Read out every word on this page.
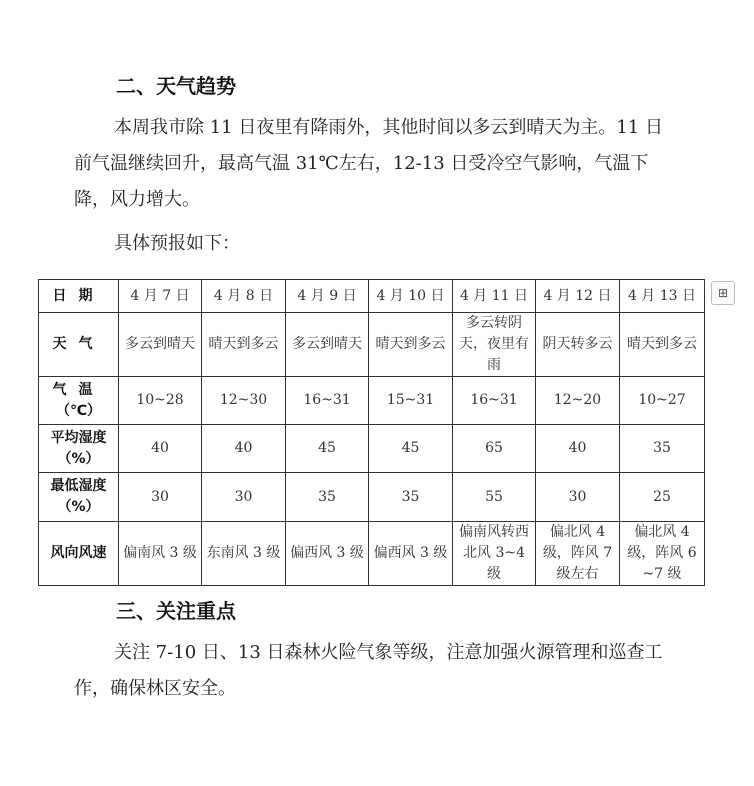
二、天气趋势
本周我市除 11 日夜里有降雨外，其他时间以多云到晴天为主。11 日前气温继续回升，最高气温 31℃左右，12-13 日受冷空气影响，气温下降，风力增大。
具体预报如下：
日期	4 月 7 日	4 月 8 日	4 月 9 日	4 月 10 日	4 月 11 日	4 月 12 日	4 月 13 日
天气	多云到晴天	晴天到多云	多云到晴天	晴天到多云	多云转阴天，夜里有雨	阴天转多云	晴天到多云

气温
（℃）	10~28	12~30	16~31	15~31	16~31	12~20	10~27

平均湿度
（%）	40	40	45	45	65	40	35

最低湿度
（%）	30	30	35	35	55	30	25
风向风速	偏南风 3 级	东南风 3 级	偏西风 3 级	偏西风 3 级	偏南风转西北风 3~4 级	偏北风 4 级，阵风 7 级左右	偏北风 4 级，阵风 6~7 级
⊞
三、关注重点
关注 7-10 日、13 日森林火险气象等级，注意加强火源管理和巡查工作，确保林区安全。
